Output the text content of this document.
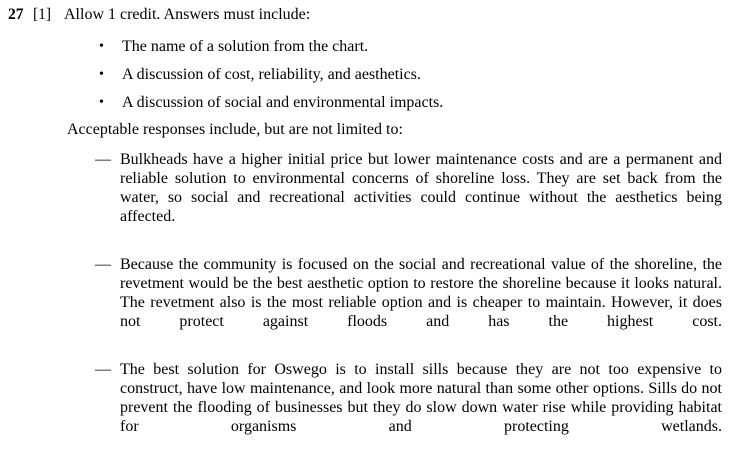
27 [1] Allow 1 credit. Answers must include:
• The name of a solution from the chart.
• A discussion of cost, reliability, and aesthetics.
• A discussion of social and environmental impacts.
Acceptable responses include, but are not limited to:
— Bulkheads have a higher initial price but lower maintenance costs and are a permanent and reliable solution to environmental concerns of shoreline loss. They are set back from the water, so social and recreational activities could continue without the aesthetics being affected.

— Because the community is focused on the social and recreational value of the shoreline, the revetment would be the best aesthetic option to restore the shoreline because it looks natural. The revetment also is the most reliable option and is cheaper to maintain. However, it does not protect against floods and has the highest cost.

— The best solution for Oswego is to install sills because they are not too expensive to construct, have low maintenance, and look more natural than some other options. Sills do not prevent the flooding of businesses but they do slow down water rise while providing habitat for organisms and protecting wetlands.
